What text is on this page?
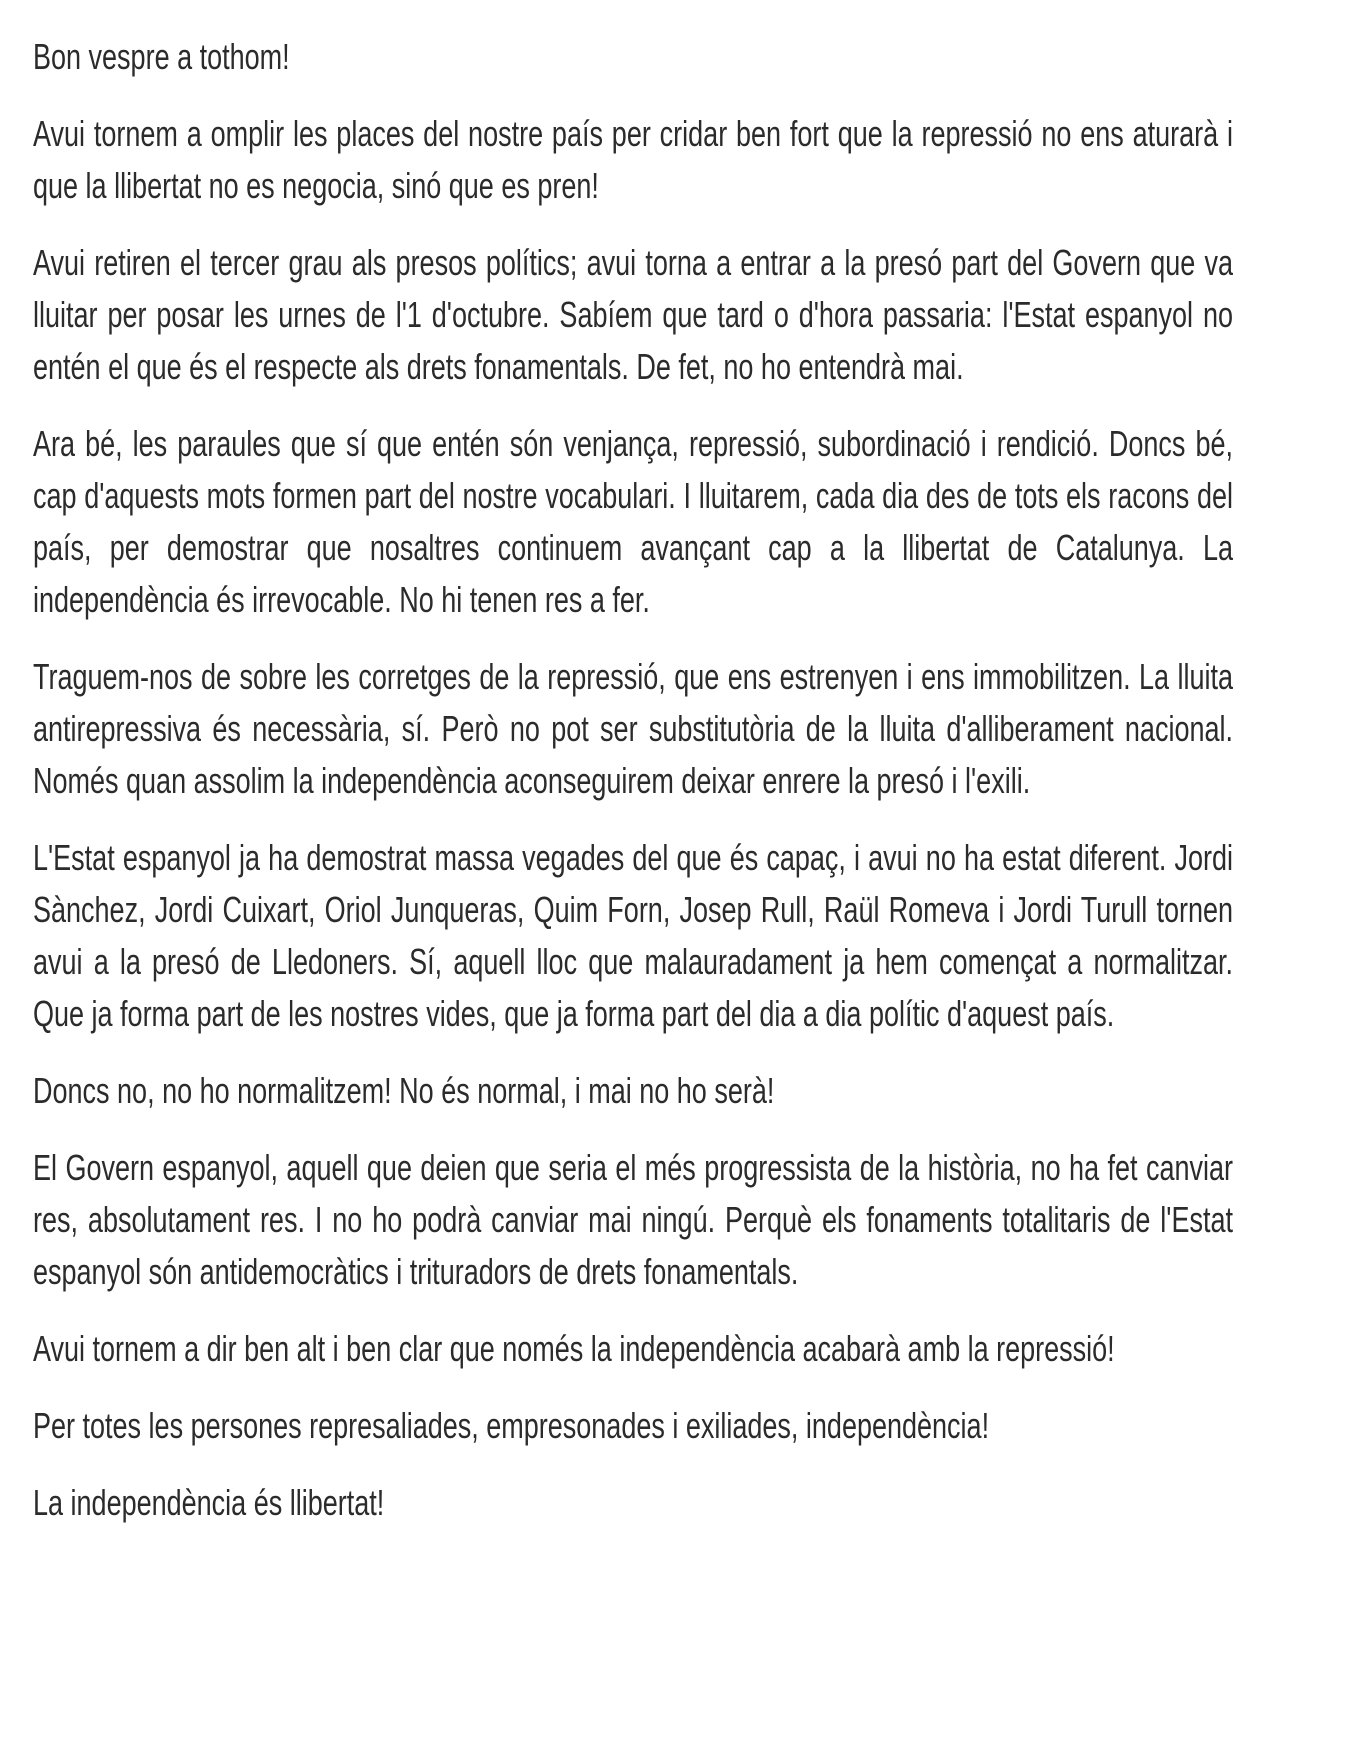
Bon vespre a tothom!

Avui tornem a omplir les places del nostre país per cridar ben fort que la repressió no ens aturarà i que la llibertat no es negocia, sinó que es pren!

Avui retiren el tercer grau als presos polítics; avui torna a entrar a la presó part del Govern que va lluitar per posar les urnes de l'1 d'octubre. Sabíem que tard o d'hora passaria: l'Estat espanyol no entén el que és el respecte als drets fonamentals. De fet, no ho entendrà mai.

Ara bé, les paraules que sí que entén són venjança, repressió, subordinació i rendició. Doncs bé, cap d'aquests mots formen part del nostre vocabulari. I lluitarem, cada dia des de tots els racons del país, per demostrar que nosaltres continuem avançant cap a la llibertat de Catalunya. La independència és irrevocable. No hi tenen res a fer.

Traguem-nos de sobre les corretges de la repressió, que ens estrenyen i ens immobilitzen. La lluita antirepressiva és necessària, sí. Però no pot ser substitutòria de la lluita d'alliberament nacional. Només quan assolim la independència aconseguirem deixar enrere la presó i l'exili.

L'Estat espanyol ja ha demostrat massa vegades del que és capaç, i avui no ha estat diferent. Jordi Sànchez, Jordi Cuixart, Oriol Junqueras, Quim Forn, Josep Rull, Raül Romeva i Jordi Turull tornen avui a la presó de Lledoners. Sí, aquell lloc que malauradament ja hem començat a normalitzar. Que ja forma part de les nostres vides, que ja forma part del dia a dia polític d'aquest país.

Doncs no, no ho normalitzem! No és normal, i mai no ho serà!

El Govern espanyol, aquell que deien que seria el més progressista de la història, no ha fet canviar res, absolutament res. I no ho podrà canviar mai ningú. Perquè els fonaments totalitaris de l'Estat espanyol són antidemocràtics i trituradors de drets fonamentals.

Avui tornem a dir ben alt i ben clar que només la independència acabarà amb la repressió!

Per totes les persones represaliades, empresonades i exiliades, independència!

La independència és llibertat!
